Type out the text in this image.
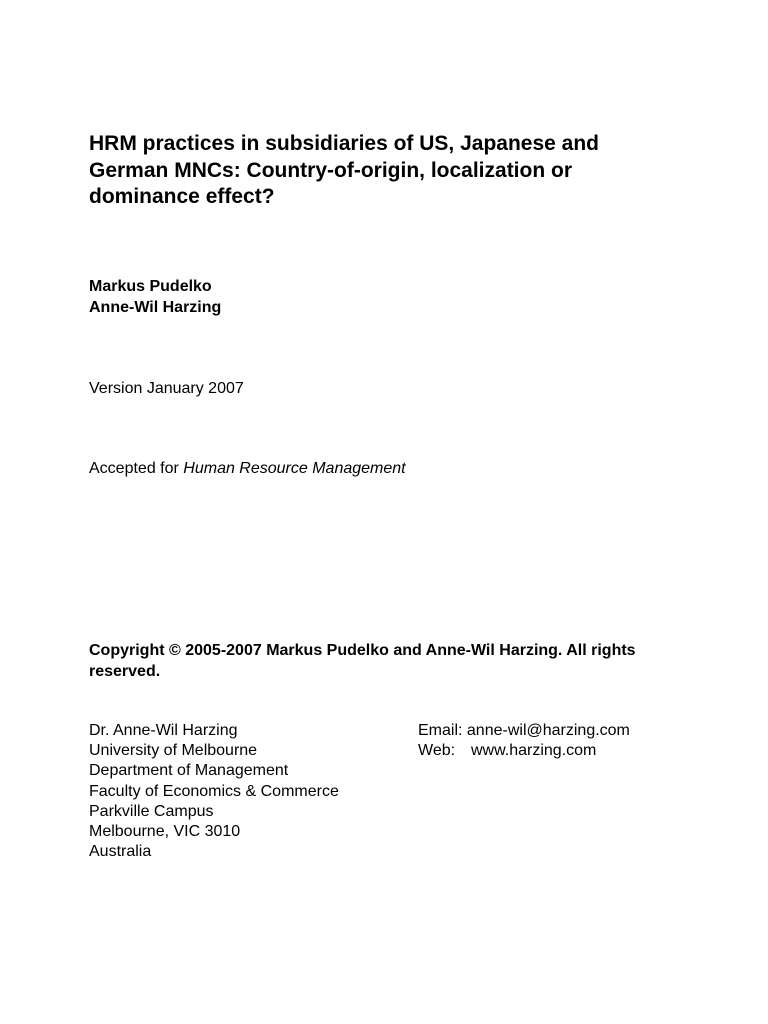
HRM practices in subsidiaries of US, Japanese and German MNCs: Country-of-origin, localization or dominance effect?
Markus Pudelko
Anne-Wil Harzing
Version January 2007
Accepted for Human Resource Management
Copyright © 2005-2007 Markus Pudelko and Anne-Wil Harzing. All rights reserved.
Dr. Anne-Wil Harzing
University of Melbourne
Department of Management
Faculty of Economics & Commerce
Parkville Campus
Melbourne, VIC 3010
Australia
Email: anne-wil@harzing.com
Web: www.harzing.com
